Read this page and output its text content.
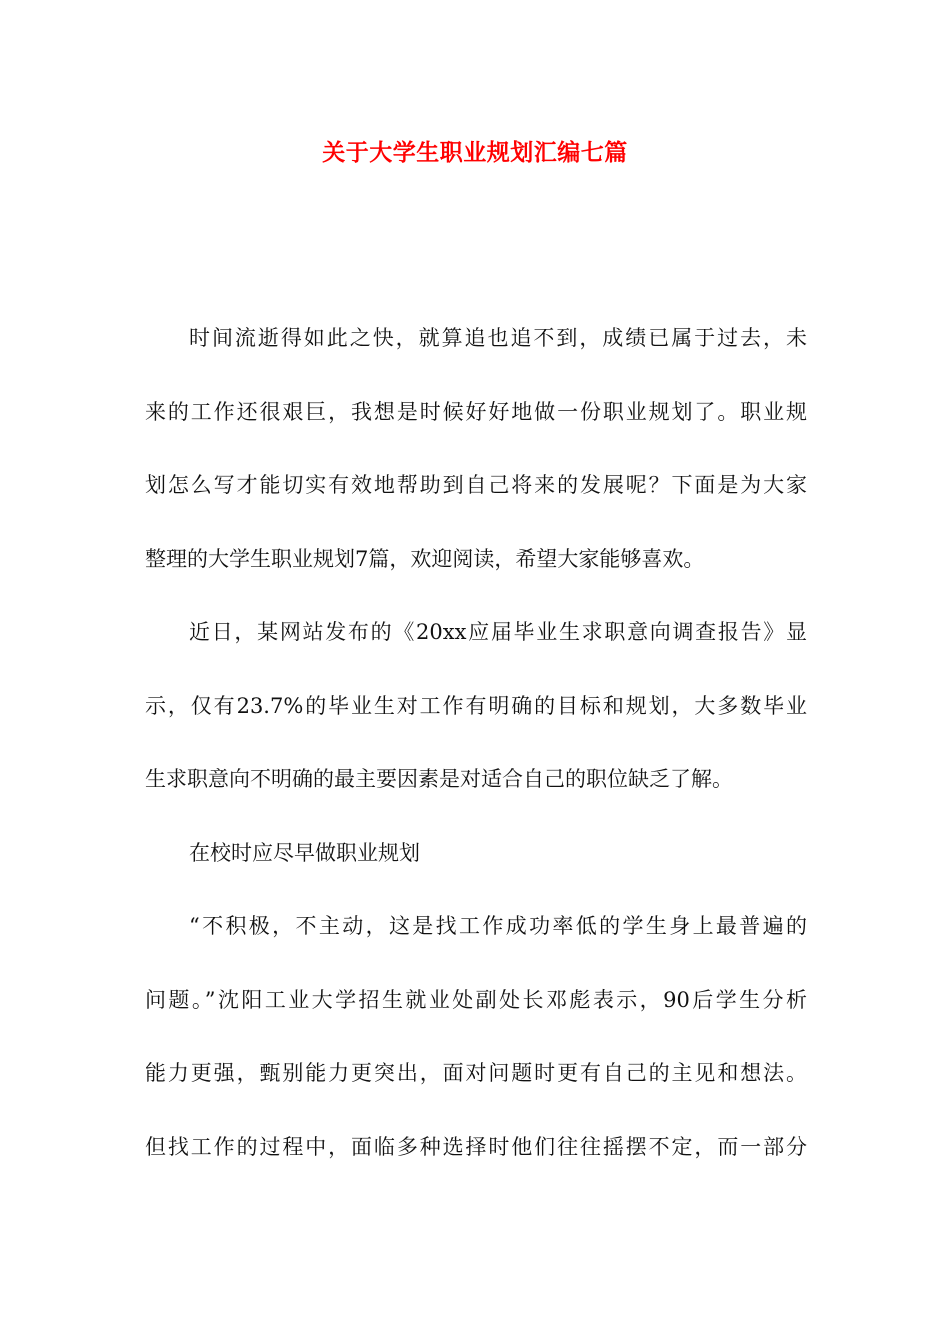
关于大学生职业规划汇编七篇
时间流逝得如此之快，就算追也追不到，成绩已属于过去，未
来的工作还很艰巨，我想是时候好好地做一份职业规划了。职业规
划怎么写才能切实有效地帮助到自己将来的发展呢？下面是为大家
整理的大学生职业规划7篇，欢迎阅读，希望大家能够喜欢。
近日，某网站发布的《20xx应届毕业生求职意向调查报告》显
示，仅有23.7%的毕业生对工作有明确的目标和规划，大多数毕业
生求职意向不明确的最主要因素是对适合自己的职位缺乏了解。
在校时应尽早做职业规划
“不积极，不主动，这是找工作成功率低的学生身上最普遍的
问题。”沈阳工业大学招生就业处副处长邓彪表示，90后学生分析
能力更强，甄别能力更突出，面对问题时更有自己的主见和想法。
但找工作的过程中，面临多种选择时他们往往摇摆不定，而一部分
